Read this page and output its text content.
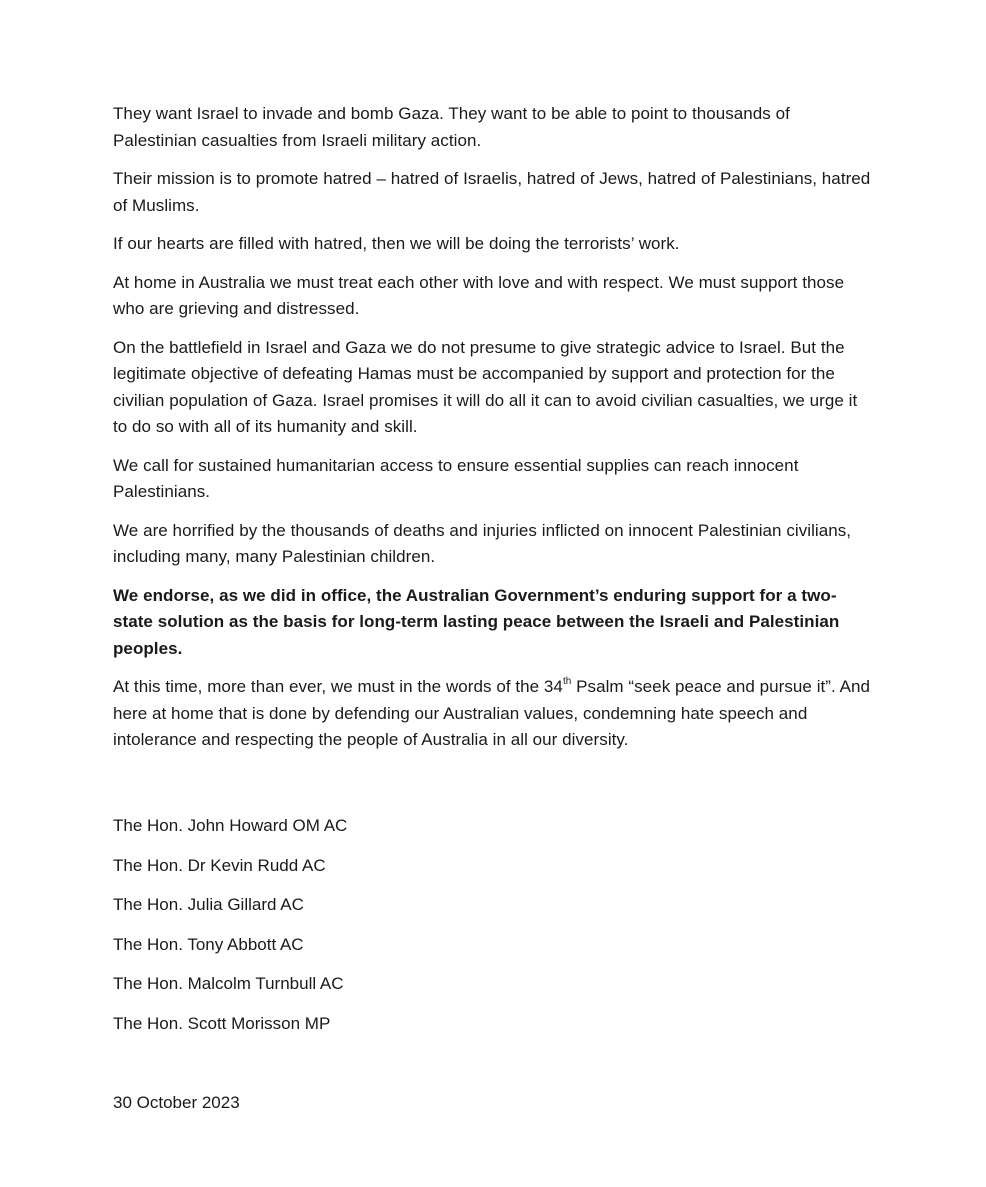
They want Israel to invade and bomb Gaza. They want to be able to point to thousands of Palestinian casualties from Israeli military action.

Their mission is to promote hatred – hatred of Israelis, hatred of Jews, hatred of Palestinians, hatred of Muslims.

If our hearts are filled with hatred, then we will be doing the terrorists’ work.

At home in Australia we must treat each other with love and with respect. We must support those who are grieving and distressed.

On the battlefield in Israel and Gaza we do not presume to give strategic advice to Israel. But the legitimate objective of defeating Hamas must be accompanied by support and protection for the civilian population of Gaza. Israel promises it will do all it can to avoid civilian casualties, we urge it to do so with all of its humanity and skill.

We call for sustained humanitarian access to ensure essential supplies can reach innocent Palestinians.

We are horrified by the thousands of deaths and injuries inflicted on innocent Palestinian civilians, including many, many Palestinian children.

We endorse, as we did in office, the Australian Government’s enduring support for a two-state solution as the basis for long-term lasting peace between the Israeli and Palestinian peoples.

At this time, more than ever, we must in the words of the 34th Psalm “seek peace and pursue it”. And here at home that is done by defending our Australian values, condemning hate speech and intolerance and respecting the people of Australia in all our diversity.

The Hon. John Howard OM AC

The Hon. Dr Kevin Rudd AC

The Hon. Julia Gillard AC

The Hon. Tony Abbott AC

The Hon. Malcolm Turnbull AC

The Hon. Scott Morisson MP

30 October 2023
